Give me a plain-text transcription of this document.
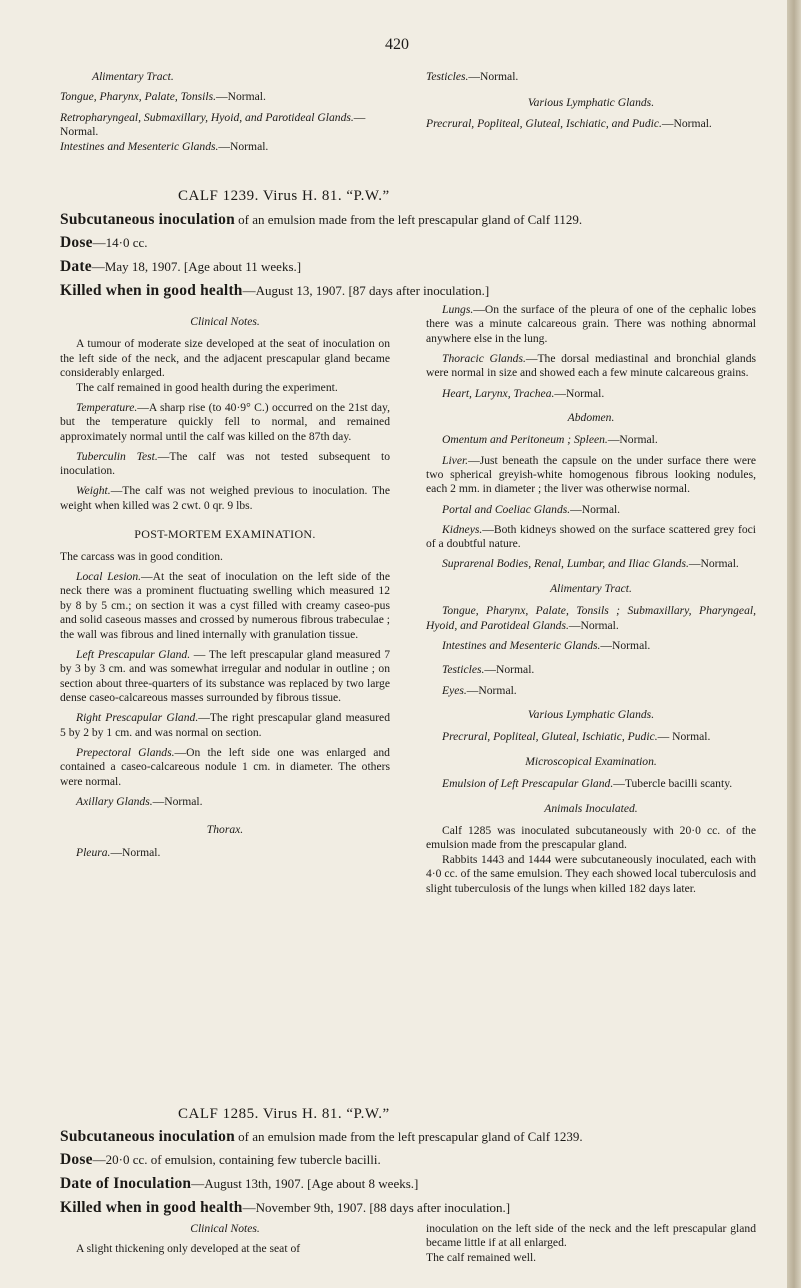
420

Alimentary Tract.

Tongue, Pharynx, Palate, Tonsils.—Normal.

Retropharyngeal, Submaxillary, Hyoid, and Parotideal Glands.—Normal.

Intestines and Mesenteric Glands.—Normal.

Testicles.—Normal.

Various Lymphatic Glands.

Precrural, Popliteal, Gluteal, Ischiatic, and Pudic.—Normal.

CALF 1239. Virus H. 81. “P.W.”
Subcutaneous inoculation of an emulsion made from the left prescapular gland of Calf 1129.
Dose—14·0 cc.
Date—May 18, 1907. [Age about 11 weeks.]
Killed when in good health—August 13, 1907. [87 days after inoculation.]

Clinical Notes.

A tumour of moderate size developed at the seat of inoculation on the left side of the neck, and the adjacent prescapular gland became considerably enlarged.

The calf remained in good health during the experiment.

Temperature.—A sharp rise (to 40·9° C.) occurred on the 21st day, but the temperature quickly fell to normal, and remained approximately normal until the calf was killed on the 87th day.

Tuberculin Test.—The calf was not tested subsequent to inoculation.

Weight.—The calf was not weighed previous to inoculation. The weight when killed was 2 cwt. 0 qr. 9 lbs.

POST-MORTEM EXAMINATION.

The carcass was in good condition.

Local Lesion.—At the seat of inoculation on the left side of the neck there was a prominent fluctuating swelling which measured 12 by 8 by 5 cm.; on section it was a cyst filled with creamy caseo-pus and solid caseous masses and crossed by numerous fibrous trabeculae ; the wall was fibrous and lined internally with granulation tissue.

Left Prescapular Gland. — The left prescapular gland measured 7 by 3 by 3 cm. and was somewhat irregular and nodular in outline ; on section about three-quarters of its substance was replaced by two large dense caseo-calcareous masses surrounded by fibrous tissue.

Right Prescapular Gland.—The right prescapular gland measured 5 by 2 by 1 cm. and was normal on section.

Prepectoral Glands.—On the left side one was enlarged and contained a caseo-calcareous nodule 1 cm. in diameter. The others were normal.

Axillary Glands.—Normal.

Thorax.

Pleura.—Normal.

Lungs.—On the surface of the pleura of one of the cephalic lobes there was a minute calcareous grain. There was nothing abnormal anywhere else in the lung.

Thoracic Glands.—The dorsal mediastinal and bronchial glands were normal in size and showed each a few minute calcareous grains.

Heart, Larynx, Trachea.—Normal.

Abdomen.

Omentum and Peritoneum ; Spleen.—Normal.

Liver.—Just beneath the capsule on the under surface there were two spherical greyish-white homogenous fibrous looking nodules, each 2 mm. in diameter ; the liver was otherwise normal.

Portal and Coeliac Glands.—Normal.

Kidneys.—Both kidneys showed on the surface scattered grey foci of a doubtful nature.

Suprarenal Bodies, Renal, Lumbar, and Iliac Glands.—Normal.

Alimentary Tract.

Tongue, Pharynx, Palate, Tonsils ; Submaxillary, Pharyngeal, Hyoid, and Parotideal Glands.—Normal.

Intestines and Mesenteric Glands.—Normal.

Testicles.—Normal.

Eyes.—Normal.

Various Lymphatic Glands.

Precrural, Popliteal, Gluteal, Ischiatic, Pudic.— Normal.

Microscopical Examination.

Emulsion of Left Prescapular Gland.—Tubercle bacilli scanty.

Animals Inoculated.

Calf 1285 was inoculated subcutaneously with 20·0 cc. of the emulsion made from the prescapular gland.

Rabbits 1443 and 1444 were subcutaneously inoculated, each with 4·0 cc. of the same emulsion. They each showed local tuberculosis and slight tuberculosis of the lungs when killed 182 days later.

CALF 1285. Virus H. 81. “P.W.”
Subcutaneous inoculation of an emulsion made from the left prescapular gland of Calf 1239.
Dose—20·0 cc. of emulsion, containing few tubercle bacilli.
Date of Inoculation—August 13th, 1907. [Age about 8 weeks.]
Killed when in good health—November 9th, 1907. [88 days after inoculation.]

Clinical Notes.

A slight thickening only developed at the seat of

inoculation on the left side of the neck and the left prescapular gland became little if at all enlarged.

The calf remained well.
